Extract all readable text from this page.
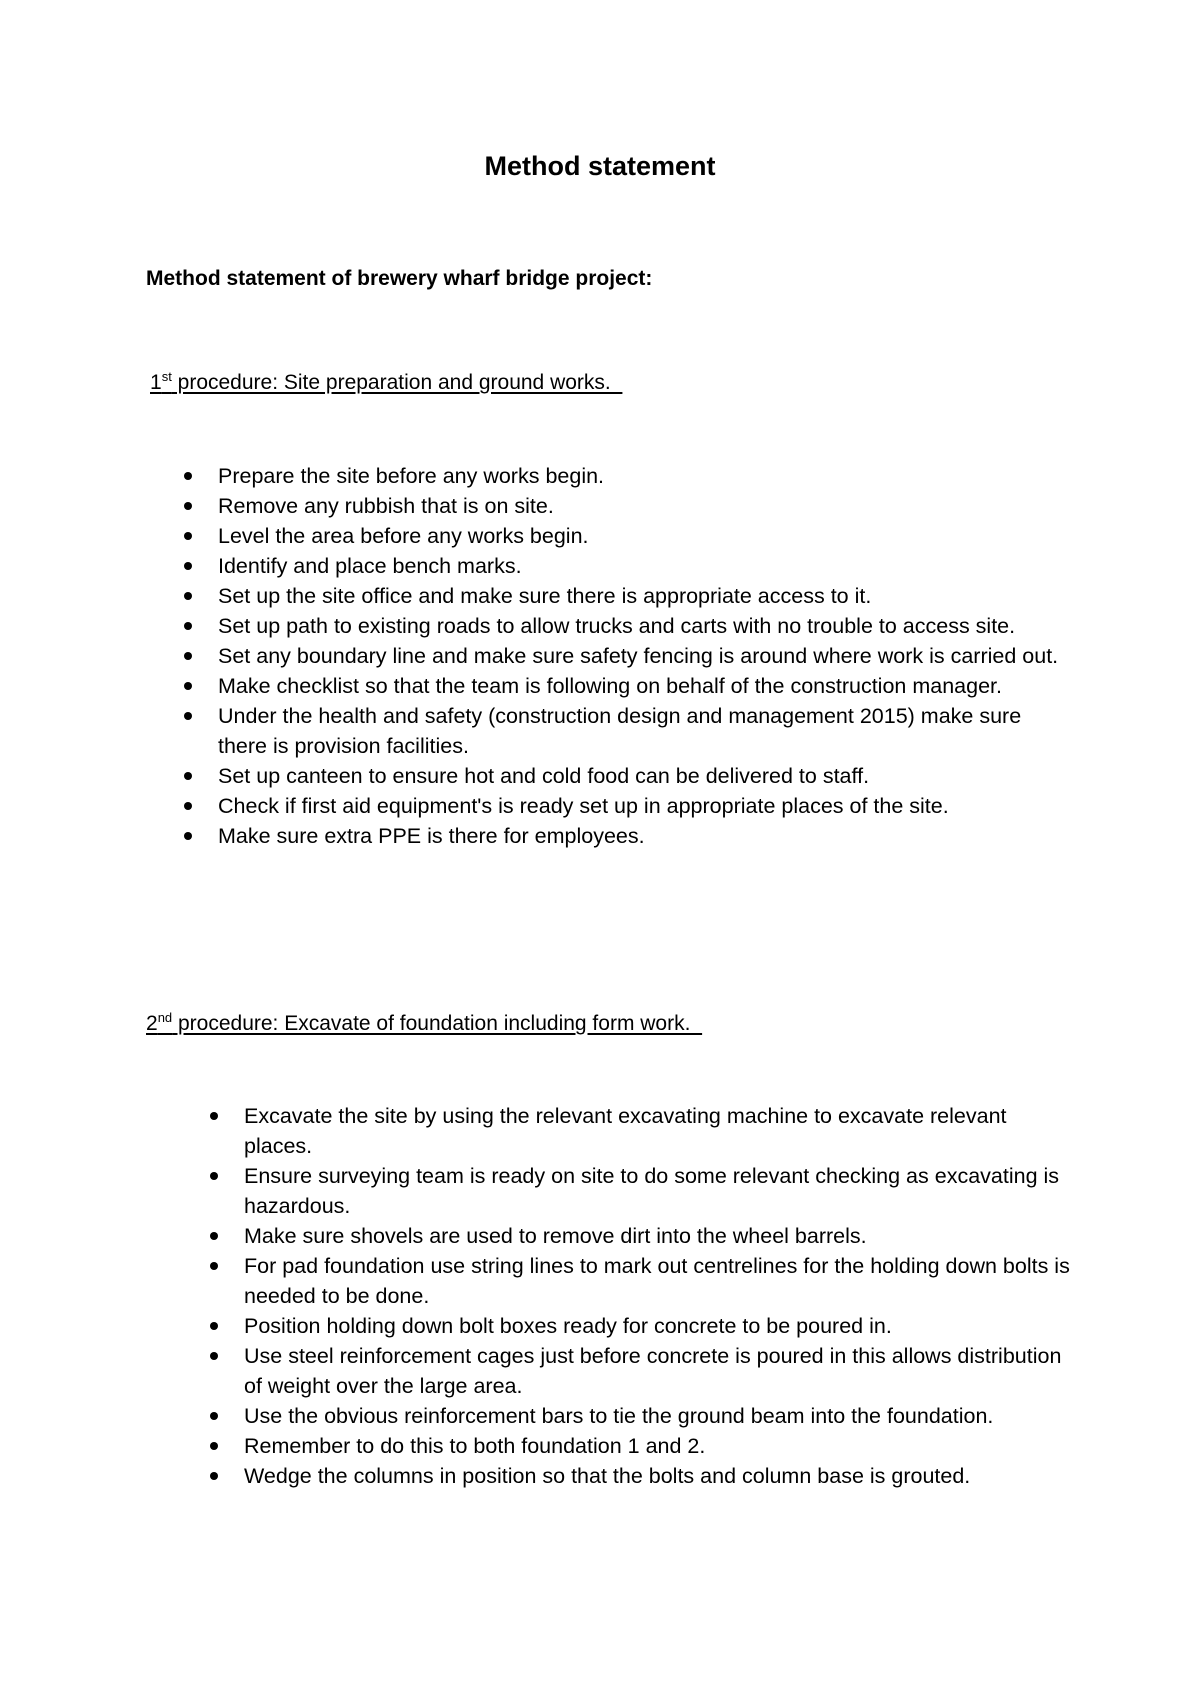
Method statement

Method statement of brewery wharf bridge project:

1st procedure: Site preparation and ground works.

Prepare the site before any works begin.
Remove any rubbish that is on site.
Level the area before any works begin.
Identify and place bench marks.
Set up the site office and make sure there is appropriate access to it.
Set up path to existing roads to allow trucks and carts with no trouble to access site.
Set any boundary line and make sure safety fencing is around where work is carried out.
Make checklist so that the team is following on behalf of the construction manager.
Under the health and safety (construction design and management 2015) make sure there is provision facilities.
Set up canteen to ensure hot and cold food can be delivered to staff.
Check if first aid equipment's is ready set up in appropriate places of the site.
Make sure extra PPE is there for employees.

2nd procedure: Excavate of foundation including form work.

Excavate the site by using the relevant excavating machine to excavate relevant places.
Ensure surveying team is ready on site to do some relevant checking as excavating is hazardous.
Make sure shovels are used to remove dirt into the wheel barrels.
For pad foundation use string lines to mark out centrelines for the holding down bolts is needed to be done.
Position holding down bolt boxes ready for concrete to be poured in.
Use steel reinforcement cages just before concrete is poured in this allows distribution of weight over the large area.
Use the obvious reinforcement bars to tie the ground beam into the foundation.
Remember to do this to both foundation 1 and 2.
Wedge the columns in position so that the bolts and column base is grouted.
